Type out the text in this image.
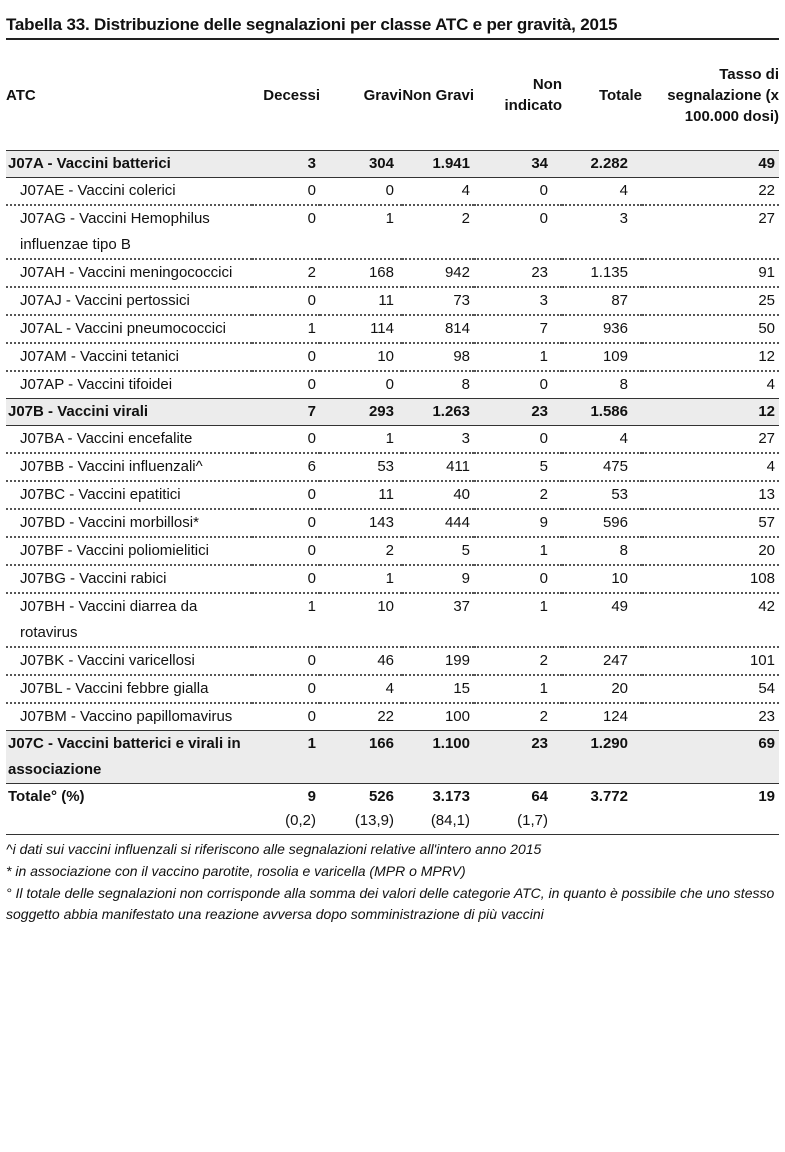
Tabella 33. Distribuzione delle segnalazioni per classe ATC e per gravità, 2015
ATC	Decessi	Gravi	Non Gravi	Non indicato	Totale	Tasso di segnalazione (x 100.000 dosi)
J07A - Vaccini batterici	3	304	1.941	34	2.282	49
J07AE - Vaccini colerici	0	0	4	0	4	22
J07AG - Vaccini Hemophilus influenzae tipo B	0	1	2	0	3	27
J07AH - Vaccini meningococcici	2	168	942	23	1.135	91
J07AJ - Vaccini pertossici	0	11	73	3	87	25
J07AL - Vaccini pneumococcici	1	114	814	7	936	50
J07AM - Vaccini tetanici	0	10	98	1	109	12
J07AP - Vaccini tifoidei	0	0	8	0	8	4
J07B - Vaccini virali	7	293	1.263	23	1.586	12
J07BA - Vaccini encefalite	0	1	3	0	4	27
J07BB - Vaccini influenzali^	6	53	411	5	475	4
J07BC - Vaccini epatitici	0	11	40	2	53	13
J07BD - Vaccini morbillosi*	0	143	444	9	596	57
J07BF - Vaccini poliomielitici	0	2	5	1	8	20
J07BG - Vaccini rabici	0	1	9	0	10	108
J07BH - Vaccini diarrea da rotavirus	1	10	37	1	49	42
J07BK - Vaccini varicellosi	0	46	199	2	247	101
J07BL - Vaccini febbre gialla	0	4	15	1	20	54
J07BM - Vaccino papillomavirus	0	22	100	2	124	23
J07C - Vaccini batterici e virali in associazione	1	166	1.100	23	1.290	69
Totale° (%)	9	526	3.173	64	3.772	19
	(0,2)	(13,9)	(84,1)	(1,7)		
^i dati sui vaccini influenzali si riferiscono alle segnalazioni relative all'intero anno 2015
* in associazione con il vaccino parotite, rosolia e varicella (MPR o MPRV)
° Il totale delle segnalazioni non corrisponde alla somma dei valori delle categorie ATC, in quanto è possibile che uno stesso soggetto abbia manifestato una reazione avversa dopo somministrazione di più vaccini
